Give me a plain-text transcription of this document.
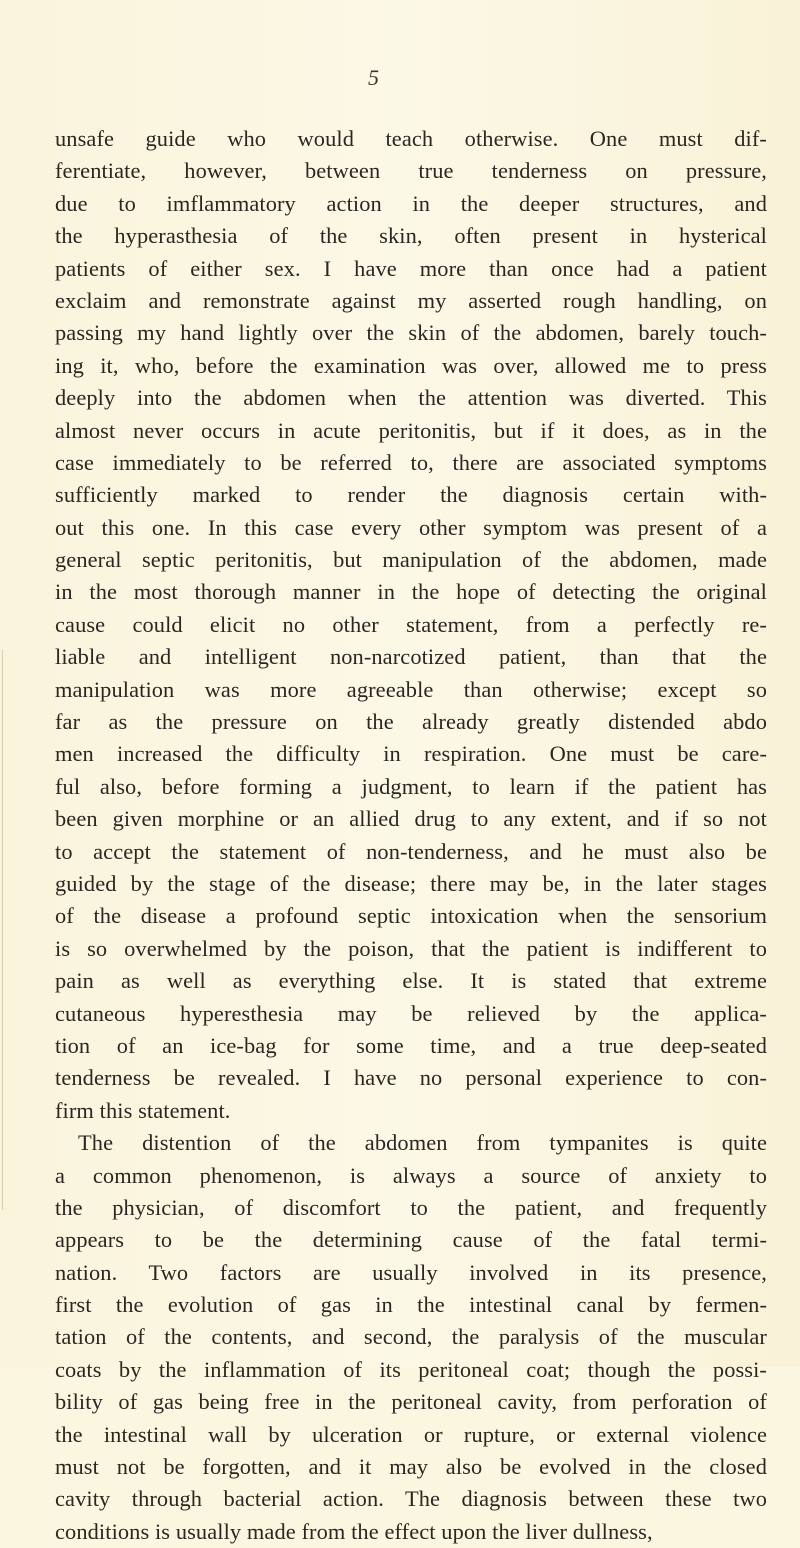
5
unsafe guide who would teach otherwise. One must dif-
ferentiate, however, between true tenderness on pressure,
due to imflammatory action in the deeper structures, and
the hyperasthesia of the skin, often present in hysterical
patients of either sex. I have more than once had a patient
exclaim and remonstrate against my asserted rough handling, on
passing my hand lightly over the skin of the abdomen, barely touch-
ing it, who, before the examination was over, allowed me to press
deeply into the abdomen when the attention was diverted. This
almost never occurs in acute peritonitis, but if it does, as in the
case immediately to be referred to, there are associated symptoms
sufficiently marked to render the diagnosis certain with-
out this one. In this case every other symptom was present of a
general septic peritonitis, but manipulation of the abdomen, made
in the most thorough manner in the hope of detecting the original
cause could elicit no other statement, from a perfectly re-
liable and intelligent non-narcotized patient, than that the
manipulation was more agreeable than otherwise; except so
far as the pressure on the already greatly distended abdo
men increased the difficulty in respiration. One must be care-
ful also, before forming a judgment, to learn if the patient has
been given morphine or an allied drug to any extent, and if so not
to accept the statement of non-tenderness, and he must also be
guided by the stage of the disease; there may be, in the later stages
of the disease a profound septic intoxication when the sensorium
is so overwhelmed by the poison, that the patient is indifferent to
pain as well as everything else. It is stated that extreme
cutaneous hyperesthesia may be relieved by the applica-
tion of an ice-bag for some time, and a true deep-seated
tenderness be revealed. I have no personal experience to con-
firm this statement.
The distention of the abdomen from tympanites is quite
a common phenomenon, is always a source of anxiety to
the physician, of discomfort to the patient, and frequently
appears to be the determining cause of the fatal termi-
nation. Two factors are usually involved in its presence,
first the evolution of gas in the intestinal canal by fermen-
tation of the contents, and second, the paralysis of the muscular
coats by the inflammation of its peritoneal coat; though the possi-
bility of gas being free in the peritoneal cavity, from perforation of
the intestinal wall by ulceration or rupture, or external violence
must not be forgotten, and it may also be evolved in the closed
cavity through bacterial action. The diagnosis between these two
conditions is usually made from the effect upon the liver dullness,
